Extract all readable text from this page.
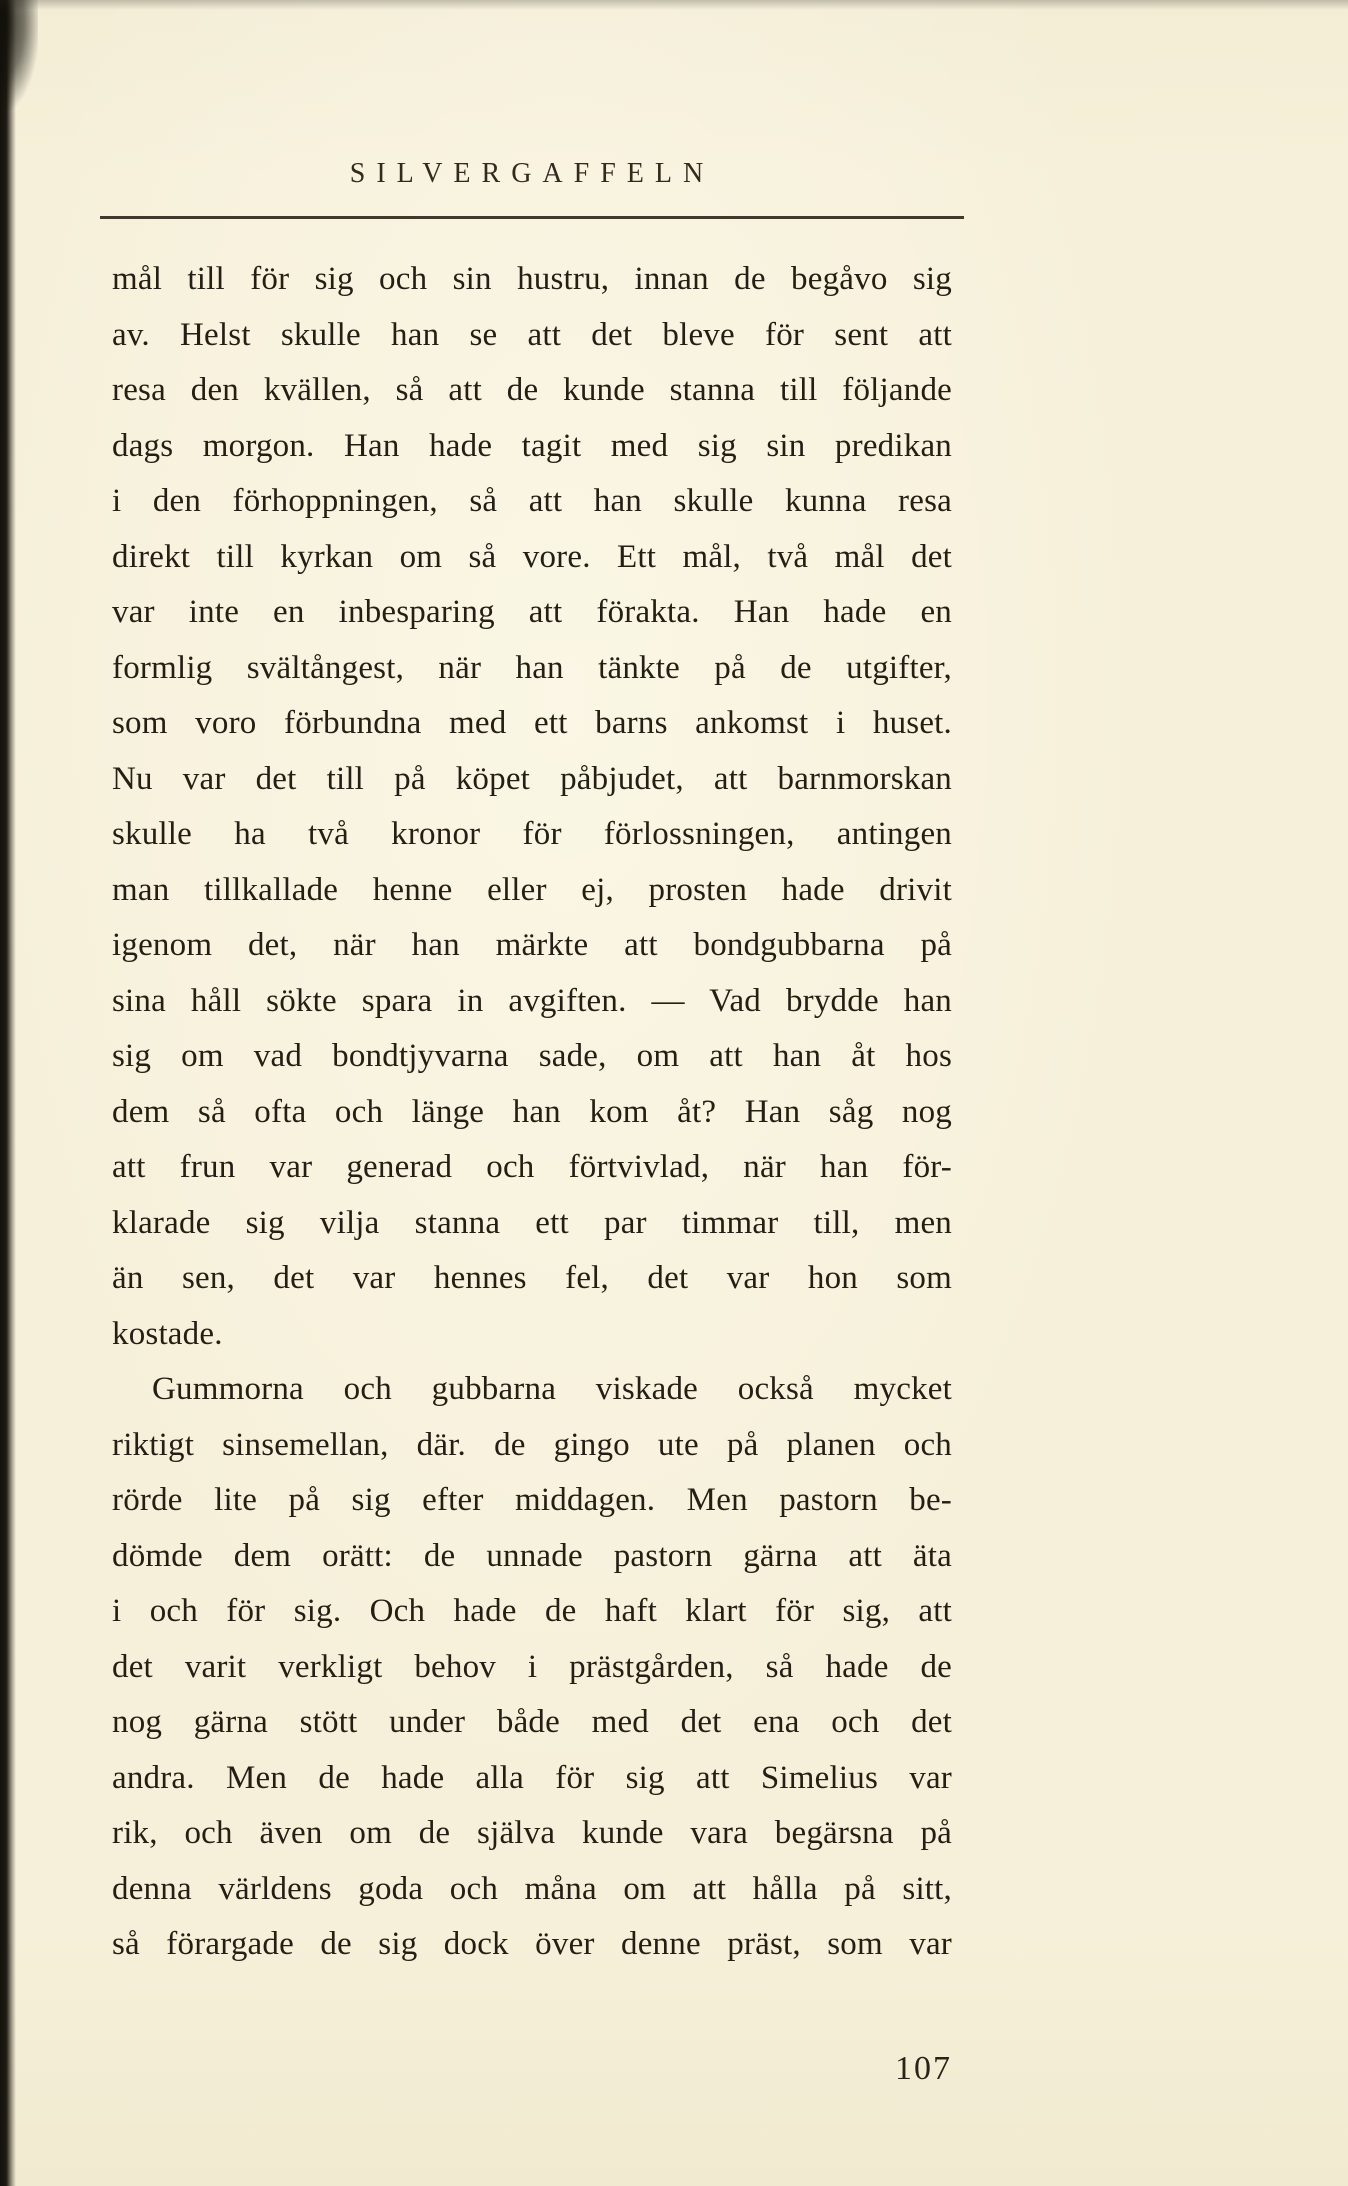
SILVERGAFFELN
mål till för sig och sin hustru, innan de begåvo sig
av. Helst skulle han se att det bleve för sent att
resa den kvällen, så att de kunde stanna till följande
dags morgon. Han hade tagit med sig sin predikan
i den förhoppningen, så att han skulle kunna resa
direkt till kyrkan om så vore. Ett mål, två mål det
var inte en inbesparing att förakta. Han hade en
formlig svältångest, när han tänkte på de utgifter,
som voro förbundna med ett barns ankomst i huset.
Nu var det till på köpet påbjudet, att barnmorskan
skulle ha två kronor för förlossningen, antingen
man tillkallade henne eller ej, prosten hade drivit
igenom det, när han märkte att bondgubbarna på
sina håll sökte spara in avgiften. — Vad brydde han
sig om vad bondtjyvarna sade, om att han åt hos
dem så ofta och länge han kom åt? Han såg nog
att frun var generad och förtvivlad, när han för-
klarade sig vilja stanna ett par timmar till, men
än sen, det var hennes fel, det var hon som
kostade.
Gummorna och gubbarna viskade också mycket
riktigt sinsemellan, där. de gingo ute på planen och
rörde lite på sig efter middagen. Men pastorn be-
dömde dem orätt: de unnade pastorn gärna att äta
i och för sig. Och hade de haft klart för sig, att
det varit verkligt behov i prästgården, så hade de
nog gärna stött under både med det ena och det
andra. Men de hade alla för sig att Simelius var
rik, och även om de själva kunde vara begärsna på
denna världens goda och måna om att hålla på sitt,
så förargade de sig dock över denne präst, som var
107
